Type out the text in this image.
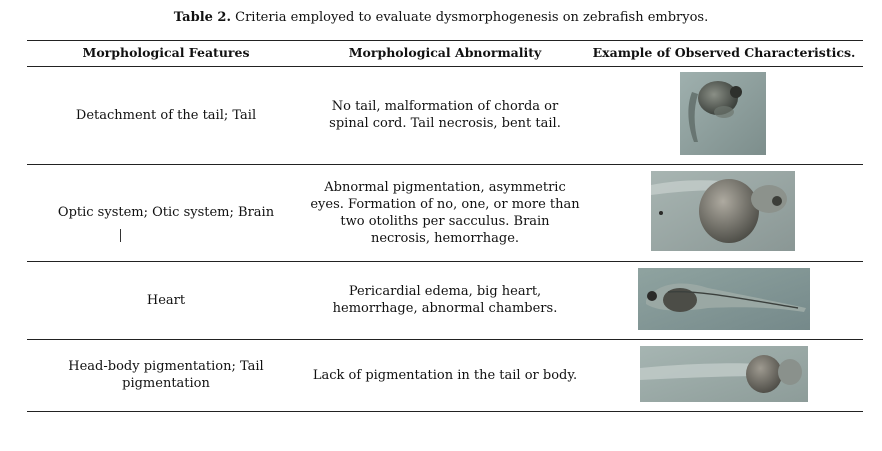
Table 2. Criteria employed to evaluate dysmorphogenesis on zebrafish embryos.
Morphological Features	Morphological Abnormality	Example of Observed Characteristics.
Detachment of the tail; Tail
No tail, malformation of chorda or spinal cord. Tail necrosis, bent tail.
Optic system; Otic system; Brain
Abnormal pigmentation, asymmetric eyes. Formation of no, one, or more than two otoliths per sacculus. Brain necrosis, hemorrhage.
Heart
Pericardial edema, big heart, hemorrhage, abnormal chambers.
Head-body pigmentation; Tail pigmentation
Lack of pigmentation in the tail or body.
